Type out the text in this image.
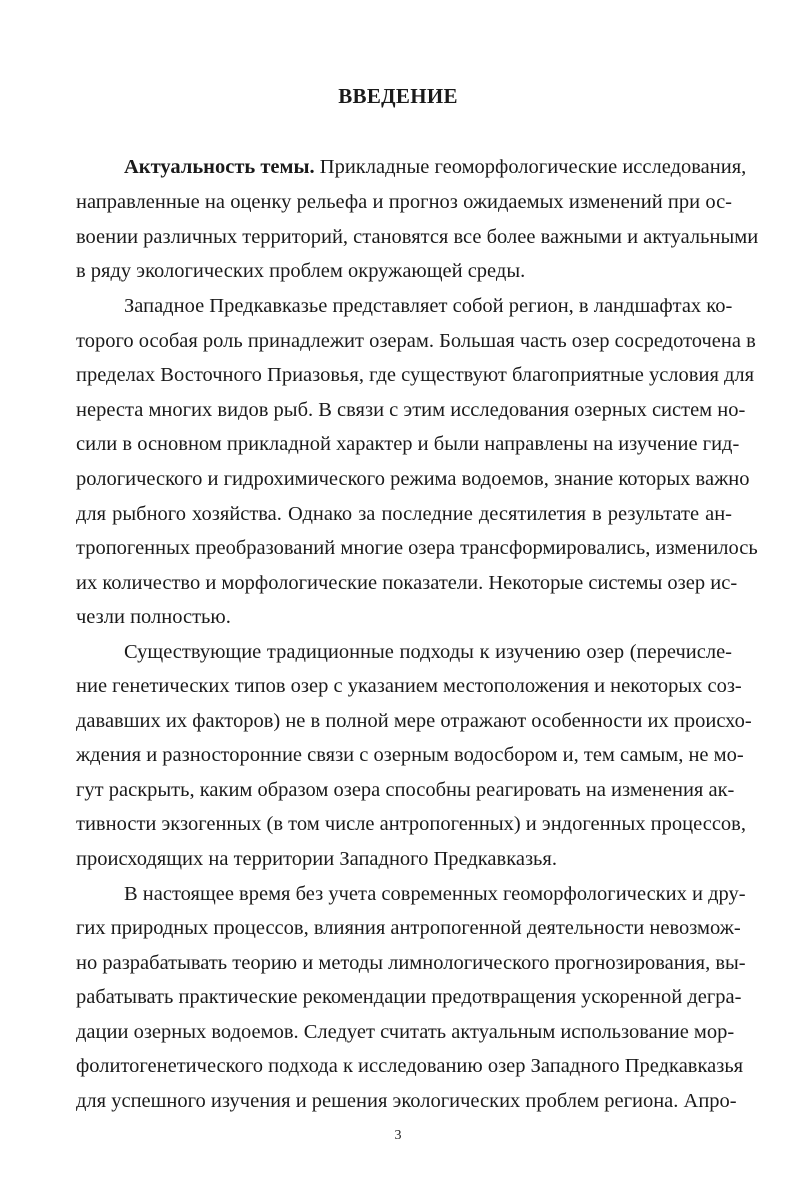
ВВЕДЕНИЕ
Актуальность темы. Прикладные геоморфологические исследования,
направленные на оценку рельефа и прогноз ожидаемых изменений при ос-
воении различных территорий, становятся все более важными и актуальными
в ряду экологических проблем окружающей среды.
Западное Предкавказье представляет собой регион, в ландшафтах ко-
торого особая роль принадлежит озерам. Большая часть озер сосредоточена в
пределах Восточного Приазовья, где существуют благоприятные условия для
нереста многих видов рыб. В связи с этим исследования озерных систем но-
сили в основном прикладной характер и были направлены на изучение гид-
рологического и гидрохимического режима водоемов, знание которых важно
для рыбного хозяйства. Однако за последние десятилетия в результате ан-
тропогенных преобразований многие озера трансформировались, изменилось
их количество и морфологические показатели. Некоторые системы озер ис-
чезли полностью.
Существующие традиционные подходы к изучению озер (перечисле-
ние генетических типов озер с указанием местоположения и некоторых соз-
дававших их факторов) не в полной мере отражают особенности их происхо-
ждения и разносторонние связи с озерным водосбором и, тем самым, не мо-
гут раскрыть, каким образом озера способны реагировать на изменения ак-
тивности экзогенных (в том числе антропогенных) и эндогенных процессов,
происходящих на территории Западного Предкавказья.
В настоящее время без учета современных геоморфологических и дру-
гих природных процессов, влияния антропогенной деятельности невозмож-
но разрабатывать теорию и методы лимнологического прогнозирования, вы-
рабатывать практические рекомендации предотвращения ускоренной дегра-
дации озерных водоемов. Следует считать актуальным использование мор-
фолитогенетического подхода к исследованию озер Западного Предкавказья
для успешного изучения и решения экологических проблем региона. Апро-
3
